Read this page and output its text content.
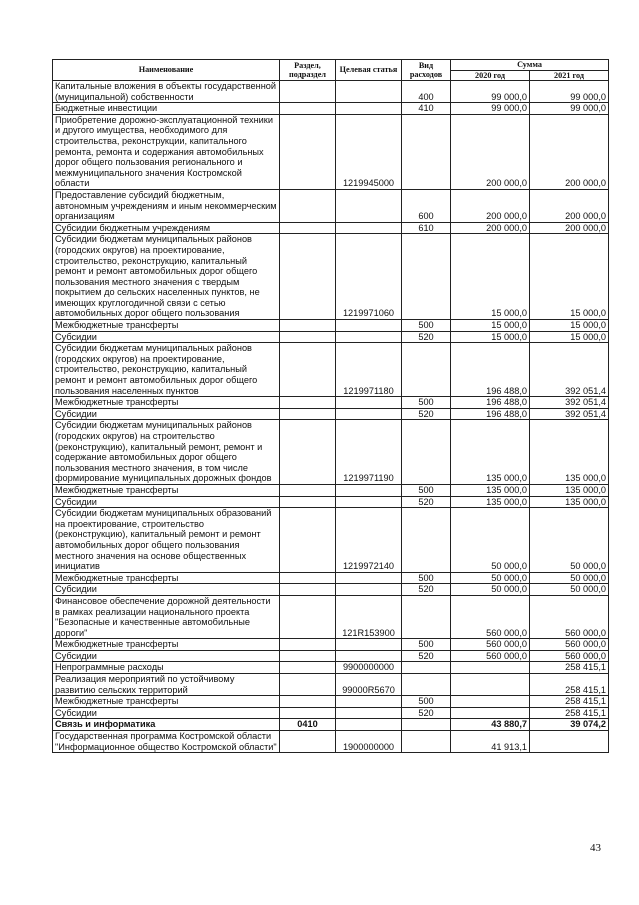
Наименование	Раздел, подраздел	Целевая статья	Вид расходов	Сумма	
				2020 год	2021 год
Капитальные вложения в объекты государственной (муниципальной) собственности			400	99 000,0	99 000,0
Бюджетные инвестиции			410	99 000,0	99 000,0
Приобретение дорожно-эксплуатационной техники и другого имущества, необходимого для строительства, реконструкции, капитального ремонта, ремонта и содержания автомобильных дорог общего пользования регионального и межмуниципального значения Костромской области		1219945000		200 000,0	200 000,0
Предоставление субсидий бюджетным, автономным учреждениям и иным некоммерческим организациям			600	200 000,0	200 000,0
Субсидии бюджетным учреждениям			610	200 000,0	200 000,0
Субсидии бюджетам муниципальных районов (городских округов) на проектирование, строительство, реконструкцию, капитальный ремонт и ремонт автомобильных дорог общего пользования местного значения с твердым покрытием до сельских населенных пунктов, не имеющих круглогодичной связи с сетью автомобильных дорог общего пользования		1219971060		15 000,0	15 000,0
Межбюджетные трансферты			500	15 000,0	15 000,0
Субсидии			520	15 000,0	15 000,0
Субсидии бюджетам муниципальных районов (городских округов) на проектирование, строительство, реконструкцию, капитальный ремонт и ремонт автомобильных дорог общего пользования населенных пунктов		1219971180		196 488,0	392 051,4
Межбюджетные трансферты			500	196 488,0	392 051,4
Субсидии			520	196 488,0	392 051,4
Субсидии бюджетам муниципальных районов (городских округов) на строительство (реконструкцию), капитальный ремонт, ремонт и содержание автомобильных дорог общего пользования местного значения, в том числе формирование муниципальных дорожных фондов		1219971190		135 000,0	135 000,0
Межбюджетные трансферты			500	135 000,0	135 000,0
Субсидии			520	135 000,0	135 000,0
Субсидии бюджетам муниципальных образований на проектирование, строительство (реконструкцию), капитальный ремонт и ремонт автомобильных дорог общего пользования местного значения на основе общественных инициатив		1219972140		50 000,0	50 000,0
Межбюджетные трансферты			500	50 000,0	50 000,0
Субсидии			520	50 000,0	50 000,0
Финансовое обеспечение дорожной деятельности в рамках реализации национального проекта "Безопасные и качественные автомобильные дороги"		121R153900		560 000,0	560 000,0
Межбюджетные трансферты			500	560 000,0	560 000,0
Субсидии			520	560 000,0	560 000,0
Непрограммные расходы		9900000000			258 415,1
Реализация мероприятий по устойчивому развитию сельских территорий		99000R5670			258 415,1
Межбюджетные трансферты			500		258 415,1
Субсидии			520		258 415,1
Связь и информатика	0410			43 880,7	39 074,2
Государственная программа Костромской области "Информационное общество Костромской области"		1900000000		41 913,1	
43
